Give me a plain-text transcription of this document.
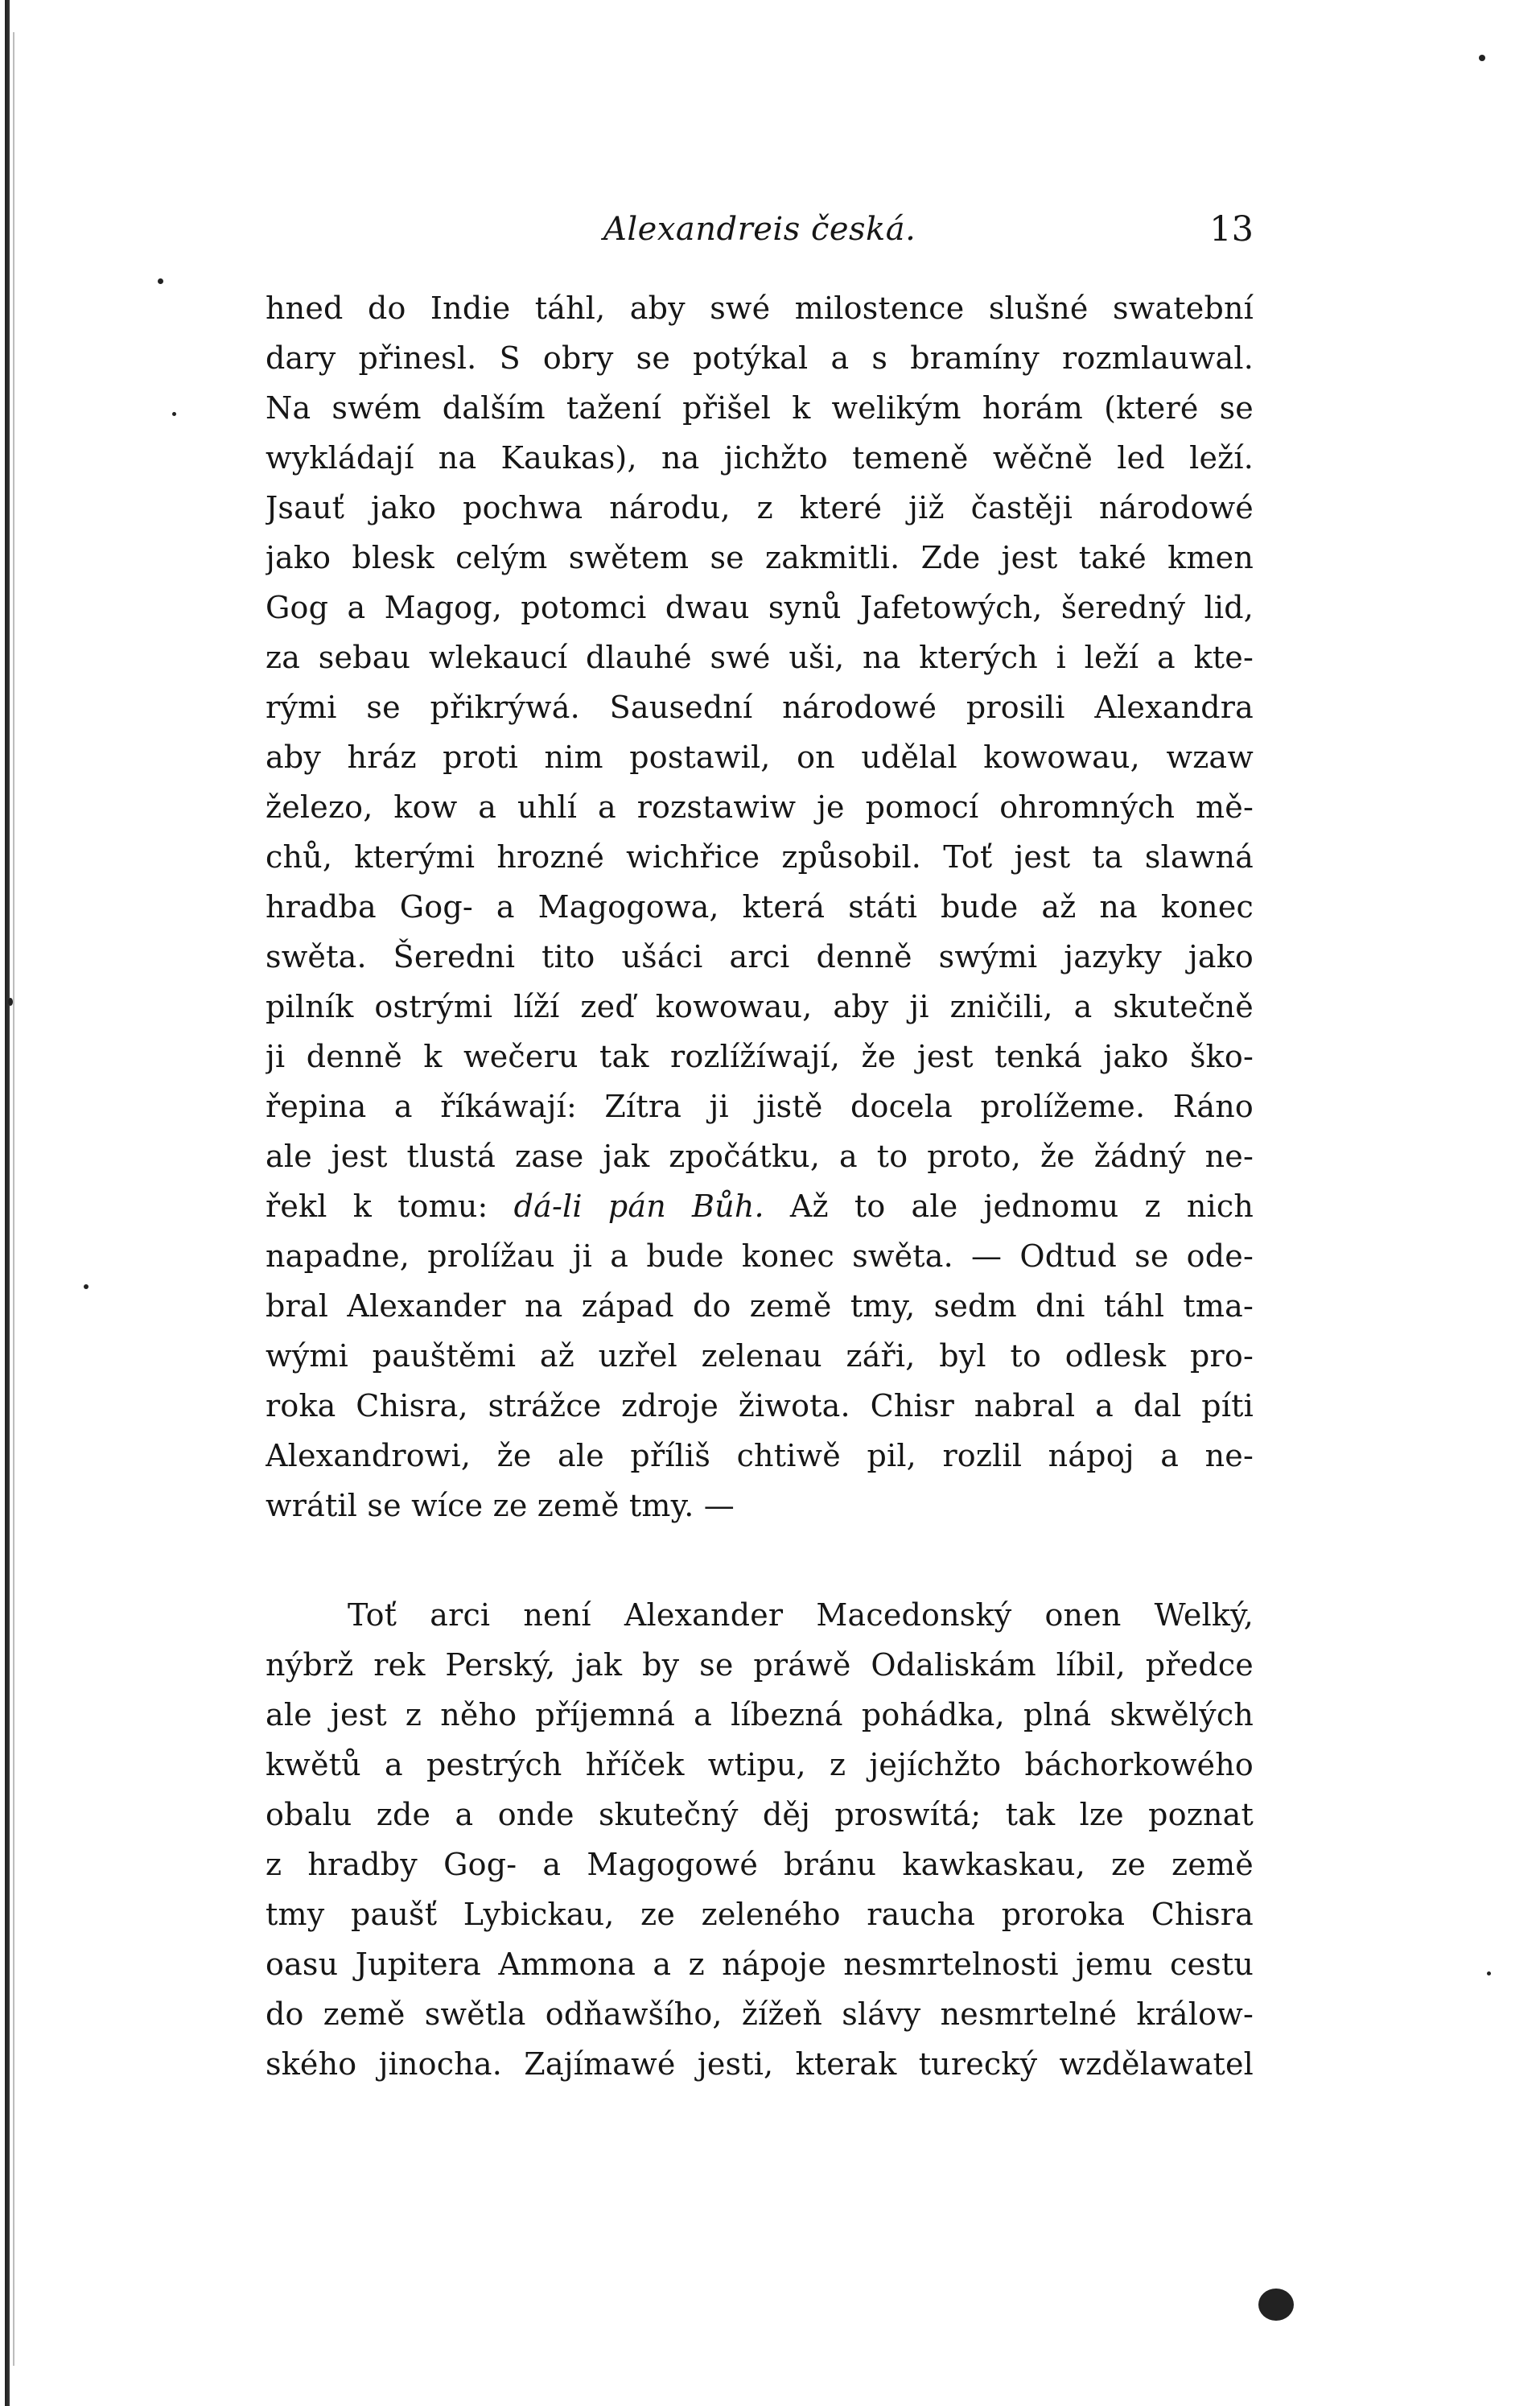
Alexandreis česká.	13
hned do Indie táhl, aby swé milostence slušné swatební
dary přinesl. S obry se potýkal a s bramíny rozmlauwal.
Na swém dalším tažení přišel k welikým horám (které se
wykládají na Kaukas), na jichžto temeně wěčně led leží.
Jsauť jako pochwa národu, z které již častěji národowé
jako blesk celým swětem se zakmitli. Zde jest také kmen
Gog a Magog, potomci dwau synů Jafetowých, šeredný lid,
za sebau wlekaucí dlauhé swé uši, na kterých i leží a kte-
rými se přikrýwá. Sausední národowé prosili Alexandra
aby hráz proti nim postawil, on udělal kowowau, wzaw
železo, kow a uhlí a rozstawiw je pomocí ohromných mě-
chů, kterými hrozné wichřice způsobil. Toť jest ta slawná
hradba Gog- a Magogowa, která státi bude až na konec
swěta. Šeredni tito ušáci arci denně swými jazyky jako
pilník ostrými líží zeď kowowau, aby ji zničili, a skutečně
ji denně k wečeru tak rozlížíwají, že jest tenká jako ško-
řepina a říkáwají: Zítra ji jistě docela prolížeme. Ráno
ale jest tlustá zase jak zpočátku, a to proto, že žádný ne-
řekl k tomu: dá-li pán Bůh. Až to ale jednomu z nich
napadne, prolížau ji a bude konec swěta. — Odtud se ode-
bral Alexander na západ do země tmy, sedm dni táhl tma-
wými pauštěmi až uzřel zelenau záři, byl to odlesk pro-
roka Chisra, strážce zdroje žiwota. Chisr nabral a dal píti
Alexandrowi, že ale příliš chtiwě pil, rozlil nápoj a ne-
wrátil se wíce ze země tmy. —
Toť arci není Alexander Macedonský onen Welký,
nýbrž rek Perský, jak by se práwě Odaliskám líbil, předce
ale jest z něho příjemná a líbezná pohádka, plná skwělých
kwětů a pestrých hříček wtipu, z jejíchžto báchorkowého
obalu zde a onde skutečný děj proswítá; tak lze poznat
z hradby Gog- a Magogowé bránu kawkaskau, ze země
tmy paušť Lybickau, ze zeleného raucha proroka Chisra
oasu Jupitera Ammona a z nápoje nesmrtelnosti jemu cestu
do země swětla odňawšího, žížeň slávy nesmrtelné králow-
ského jinocha. Zajímawé jesti, kterak turecký wzdělawatel
